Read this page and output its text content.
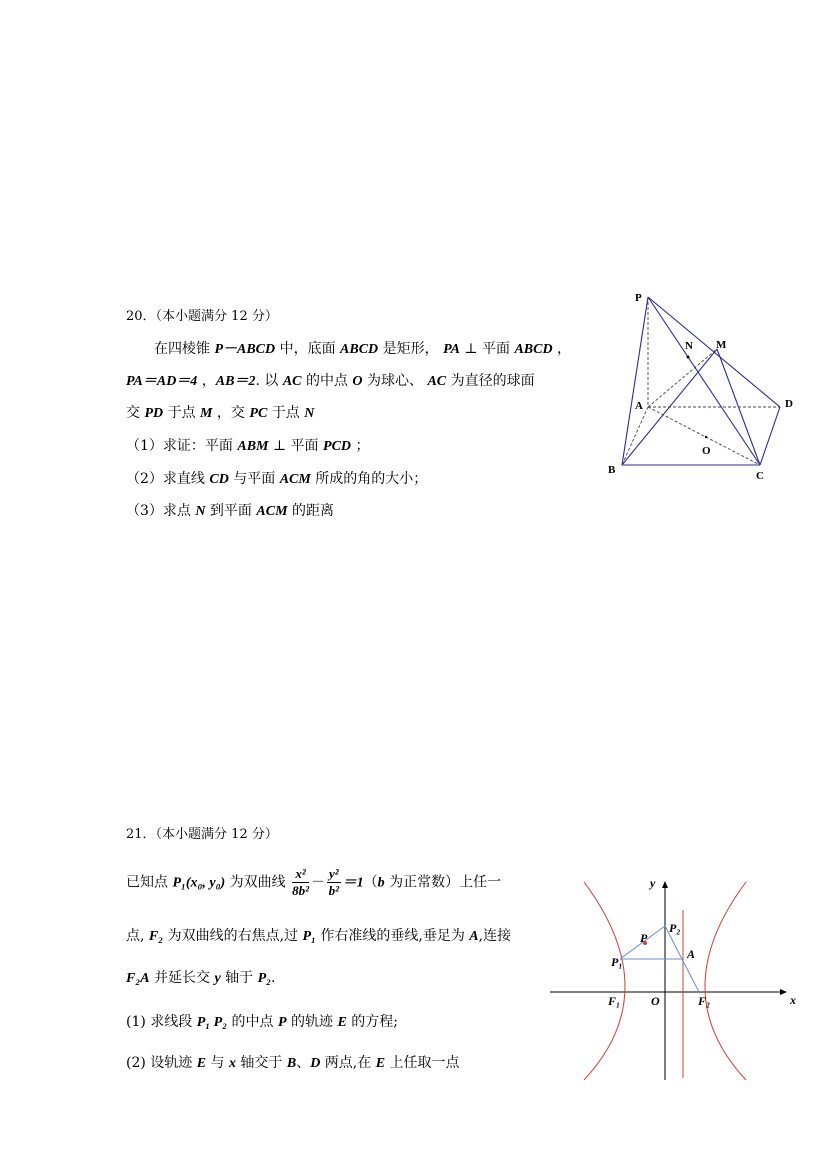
20．（本小题满分 12 分）
在四棱锥 P－ABCD 中，底面 ABCD 是矩形， PA ⊥ 平面 ABCD ，
PA＝AD＝4 ，AB＝2. 以 AC 的中点 O 为球心、 AC 为直径的球面
交 PD 于点 M ，交 PC 于点 N
（1）求证：平面 ABM ⊥ 平面 PCD ；
（2）求直线 CD 与平面 ACM 所成的角的大小；
（3）求点 N 到平面 ACM 的距离
P
N M
A	D
O
B	C
21．（本小题满分 12 分）
已知点 P₁(x₀, y₀) 为双曲线 $\frac{\text{x²}}{\text{8b²}} - \frac{\text{y²}}{\text{b²}} =1(b$ 为正常数）上任一
点, F₂ 为双曲线的右焦点,过 P₁ 作右准线的垂线,垂足为 A,连接
F₂A 并延长交 y 轴于 P₂.
(1) 求线段 P₁ P₂ 的中点 P 的轨迹 E 的方程;
(2) 设轨迹 E 与 x 轴交于 B、D 两点,在 E 上任取一点
y
x
O
F₁	F₂
P
P₁
P₂
A
